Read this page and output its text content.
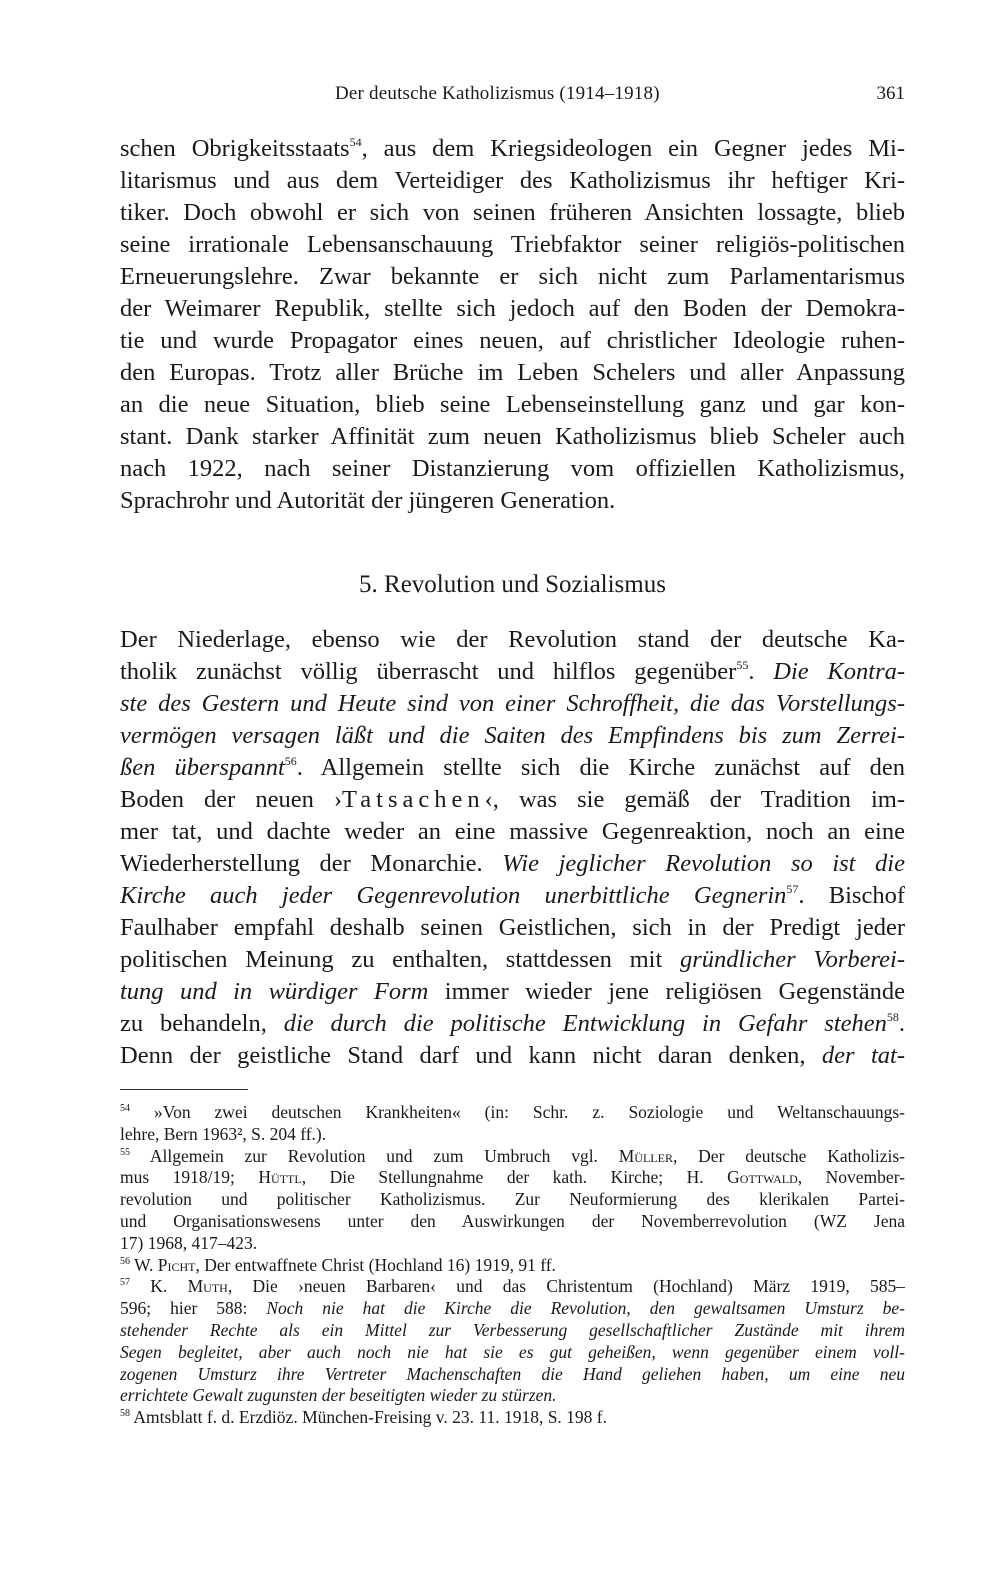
Der deutsche Katholizismus (1914–1918)	361
schen Obrigkeitsstaats$^{54}$, aus dem Kriegsideologen ein Gegner jedes Mi-
litarismus und aus dem Verteidiger des Katholizismus ihr heftiger Kri-
tiker. Doch obwohl er sich von seinen früheren Ansichten lossagte, blieb
seine irrationale Lebensanschauung Triebfaktor seiner religiös-politischen
Erneuerungslehre. Zwar bekannte er sich nicht zum Parlamentarismus
der Weimarer Republik, stellte sich jedoch auf den Boden der Demokra-
tie und wurde Propagator eines neuen, auf christlicher Ideologie ruhen-
den Europas. Trotz aller Brüche im Leben Schelers und aller Anpassung
an die neue Situation, blieb seine Lebenseinstellung ganz und gar kon-
stant. Dank starker Affinität zum neuen Katholizismus blieb Scheler auch
nach 1922, nach seiner Distanzierung vom offiziellen Katholizismus,
Sprachrohr und Autorität der jüngeren Generation.
5. Revolution und Sozialismus
Der Niederlage, ebenso wie der Revolution stand der deutsche Ka-
tholik zunächst völlig überrascht und hilflos gegenüber$^{55}$. Die Kontra-
ste des Gestern und Heute sind von einer Schroffheit, die das Vorstellungs-
vermögen versagen läßt und die Saiten des Empfindens bis zum Zerrei-
ßen überspannt$^{56}$. Allgemein stellte sich die Kirche zunächst auf den
Boden der neuen ›Tatsachen‹, was sie gemäß der Tradition im-
mer tat, und dachte weder an eine massive Gegenreaktion, noch an eine
Wiederherstellung der Monarchie. Wie jeglicher Revolution so ist die
Kirche auch jeder Gegenrevolution unerbittliche Gegnerin$^{57}$. Bischof
Faulhaber empfahl deshalb seinen Geistlichen, sich in der Predigt jeder
politischen Meinung zu enthalten, stattdessen mit gründlicher Vorberei-
tung und in würdiger Form immer wieder jene religiösen Gegenstände
zu behandeln, die durch die politische Entwicklung in Gefahr stehen$^{58}$.
Denn der geistliche Stand darf und kann nicht daran denken, der tat-
$^{54}$ »Von zwei deutschen Krankheiten« (in: Schr. z. Soziologie und Weltanschauungs-
lehre, Bern 1963², S. 204 ff.).
$^{55}$ Allgemein zur Revolution und zum Umbruch vgl. Müller, Der deutsche Katholizis-
mus 1918/19; Hüttl, Die Stellungnahme der kath. Kirche; H. Gottwald, November-
revolution und politischer Katholizismus. Zur Neuformierung des klerikalen Partei-
und Organisationswesens unter den Auswirkungen der Novemberrevolution (WZ Jena
17) 1968, 417–423.
$^{56}$ W. Picht, Der entwaffnete Christ (Hochland 16) 1919, 91 ff.
$^{57}$ K. Muth, Die ›neuen Barbaren‹ und das Christentum (Hochland) März 1919, 585–
596; hier 588: Noch nie hat die Kirche die Revolution, den gewaltsamen Umsturz be-
stehender Rechte als ein Mittel zur Verbesserung gesellschaftlicher Zustände mit ihrem
Segen begleitet, aber auch noch nie hat sie es gut geheißen, wenn gegenüber einem voll-
zogenen Umsturz ihre Vertreter Machenschaften die Hand geliehen haben, um eine neu
errichtete Gewalt zugunsten der beseitigten wieder zu stürzen.
$^{58}$ Amtsblatt f. d. Erzdiöz. München-Freising v. 23. 11. 1918, S. 198 f.
